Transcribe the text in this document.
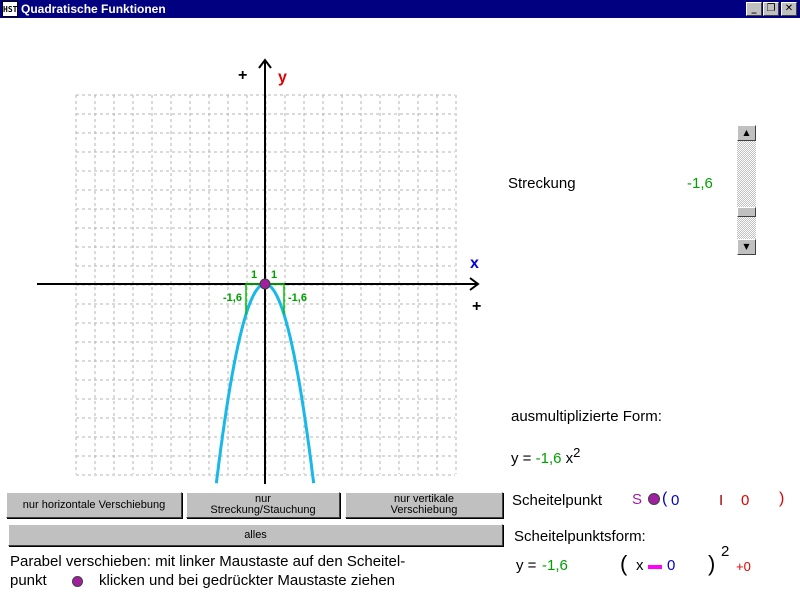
HST Quadratische Funktionen	_	❐ ✕
+ y
x
+
1 1
-1,6	-1,6
Streckung	-1,6
▲
▼
ausmultiplizierte Form:
y = -1,6 $x^2$
Scheitelpunkt S ( 0	I 0 )
Scheitelpunktsform:
y = -1,6 ( x 0 ) 2
+0
nur horizontale Verschiebung	nur
Streckung/Stauchung
nur vertikale
Verschiebung
alles
Parabel verschieben: mit linker Maustaste auf den Scheitel-
punkt	klicken und bei gedrückter Maustaste ziehen
